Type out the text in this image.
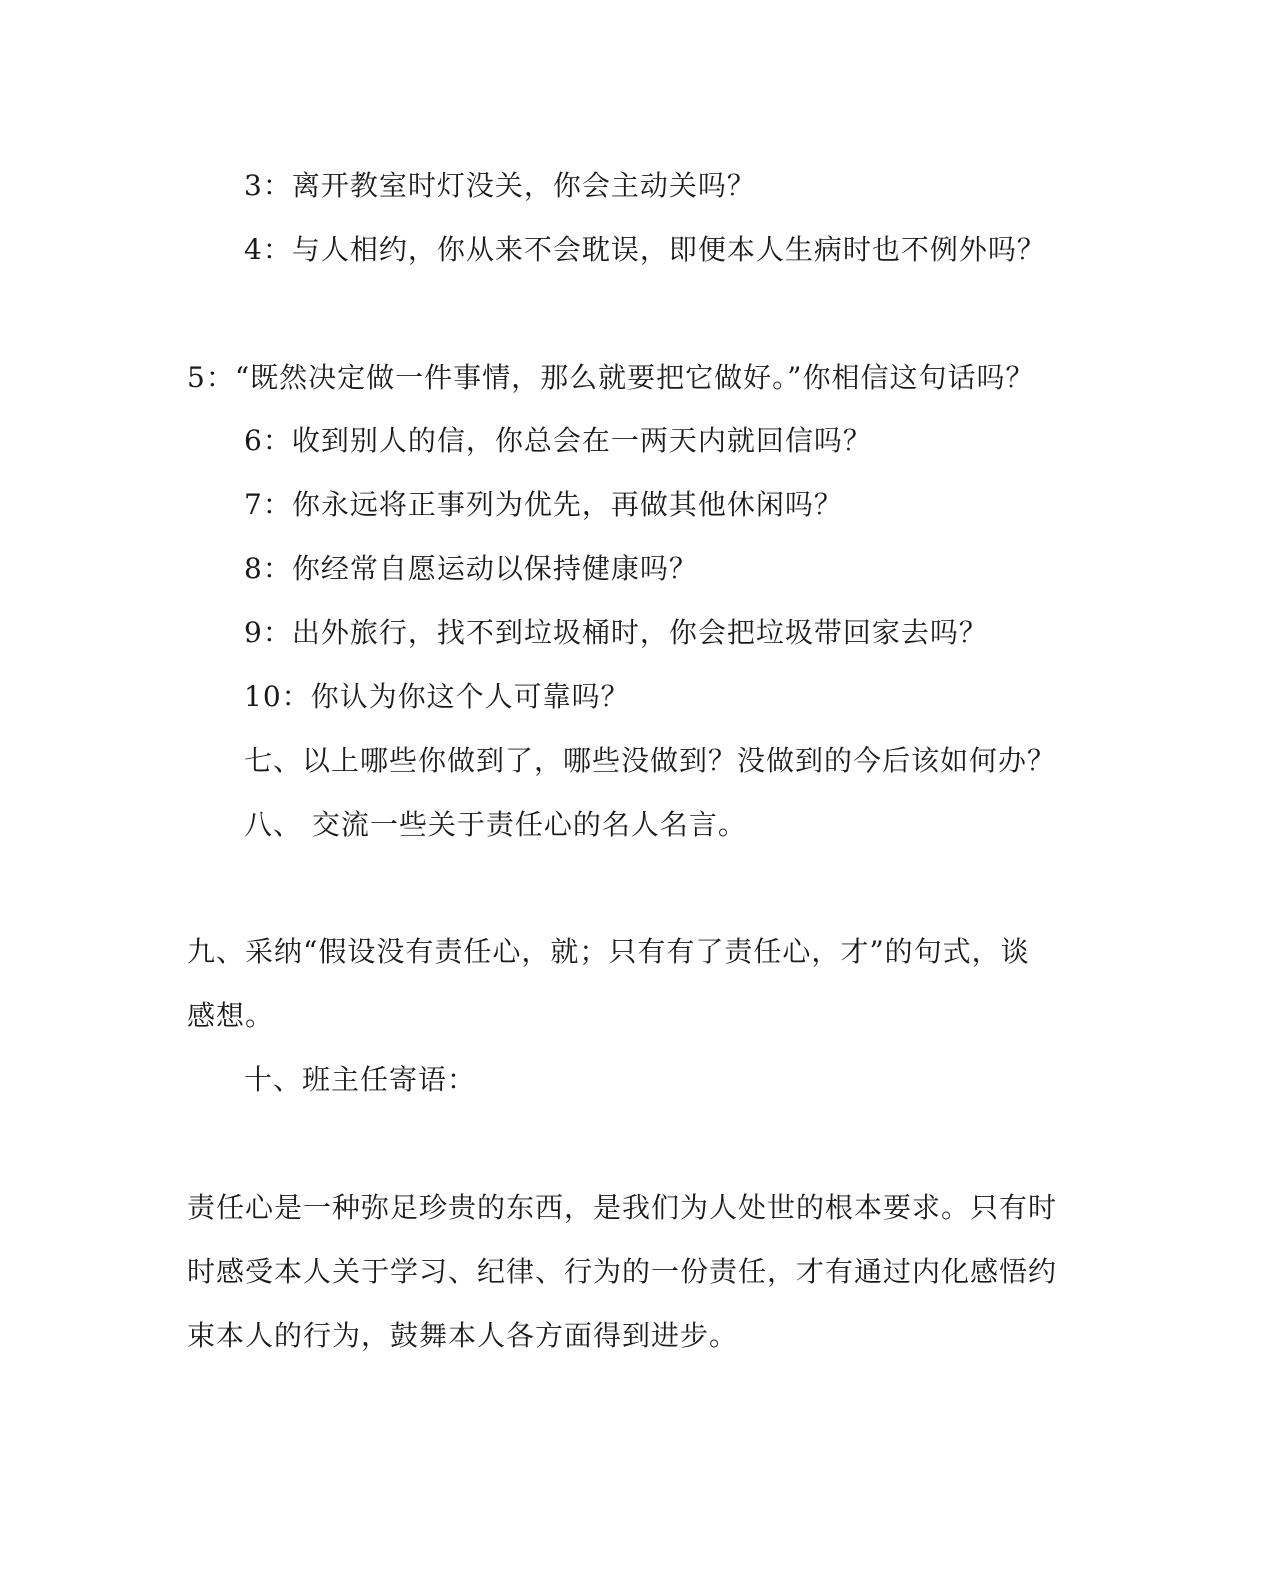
3：离开教室时灯没关，你会主动关吗？
4：与人相约，你从来不会耽误，即便本人生病时也不例外吗？
5：“既然决定做一件事情，那么就要把它做好。”你相信这句话吗？
6：收到别人的信，你总会在一两天内就回信吗？
7：你永远将正事列为优先，再做其他休闲吗？
8：你经常自愿运动以保持健康吗？
9：出外旅行，找不到垃圾桶时，你会把垃圾带回家去吗？
10：你认为你这个人可靠吗？
七、以上哪些你做到了，哪些没做到？没做到的今后该如何办？
八、 交流一些关于责任心的名人名言。
九、采纳“假设没有责任心，就；只有有了责任心，才”的句式，谈
感想。
十、班主任寄语：
责任心是一种弥足珍贵的东西，是我们为人处世的根本要求。只有时
时感受本人关于学习、纪律、行为的一份责任，才有通过内化感悟约
束本人的行为，鼓舞本人各方面得到进步。
